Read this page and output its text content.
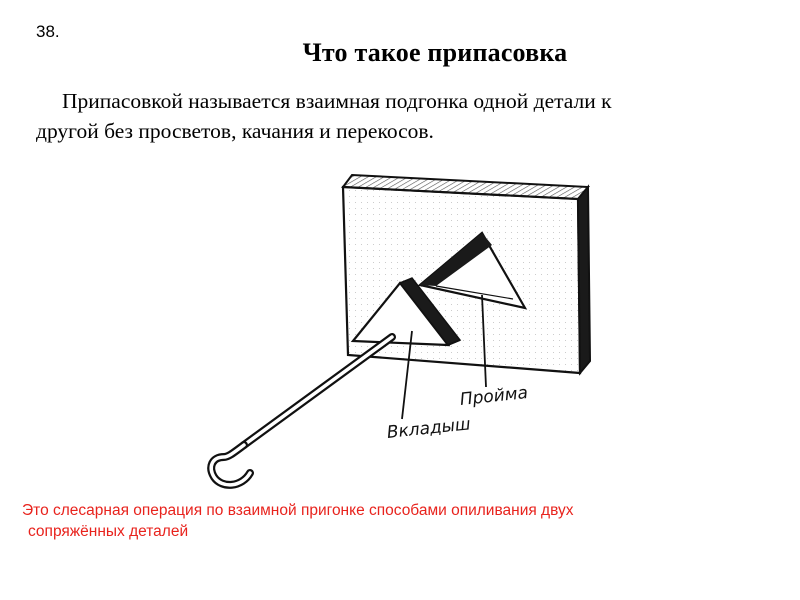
38.
Что такое припасовка
Припасовкой называется взаимная подгонка одной детали к
другой без просветов, качания и перекосов.
Пройма
Вкладыш
Это слесарная операция по взаимной пригонке способами опиливания двух
сопряжённых деталей
